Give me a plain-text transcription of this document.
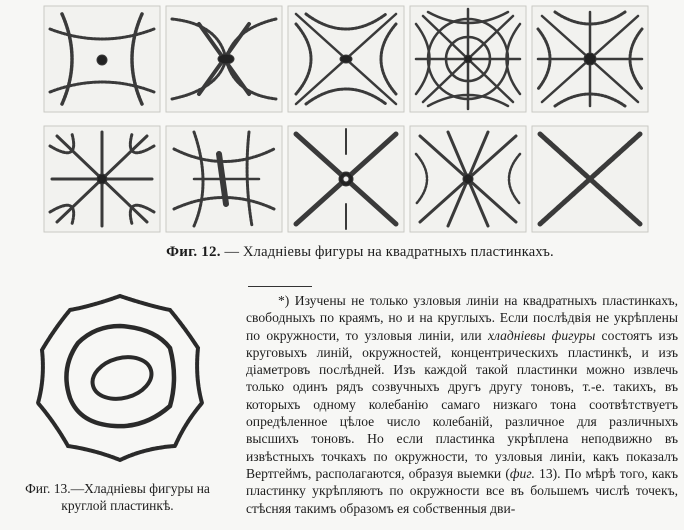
Фиг. 12. — Хладніевы фигуры на квадратныхъ пластинкахъ.
Фиг. 13.—Хладніевы фигуры на
круглой пластинкѣ.

*) Изучены не только узловыя линіи на квадратныхъ пластинкахъ, свободныхъ по краямъ, но и на круглыхъ. Если послѣдвія не укрѣплены по окружности, то узловыя линіи, или хладніевы фигуры состоятъ изъ круговыхъ линій, окружностей, концентрическихъ пластинкѣ, и изъ діаметровъ послѣдней. Изъ каждой такой пластинки можно извлечь только одинъ рядъ созвучныхъ другъ другу тоновъ, т.-е. такихъ, въ которыхъ одному колебанію самаго низкаго тона соотвѣтствуетъ опредѣленное цѣлое число колебаній, различное для различныхъ высшихъ тоновъ. Но если пластинка укрѣплена неподвижно въ извѣстныхъ точкахъ по окружности, то узловыя линіи, какъ показалъ Вертгеймъ, располагаются, образуя выемки (фиг. 13). По мѣрѣ того, какъ пластинку укрѣпляютъ по окружности все въ большемъ числѣ точекъ, стѣсняя такимъ образомъ ея собственныя дви-
